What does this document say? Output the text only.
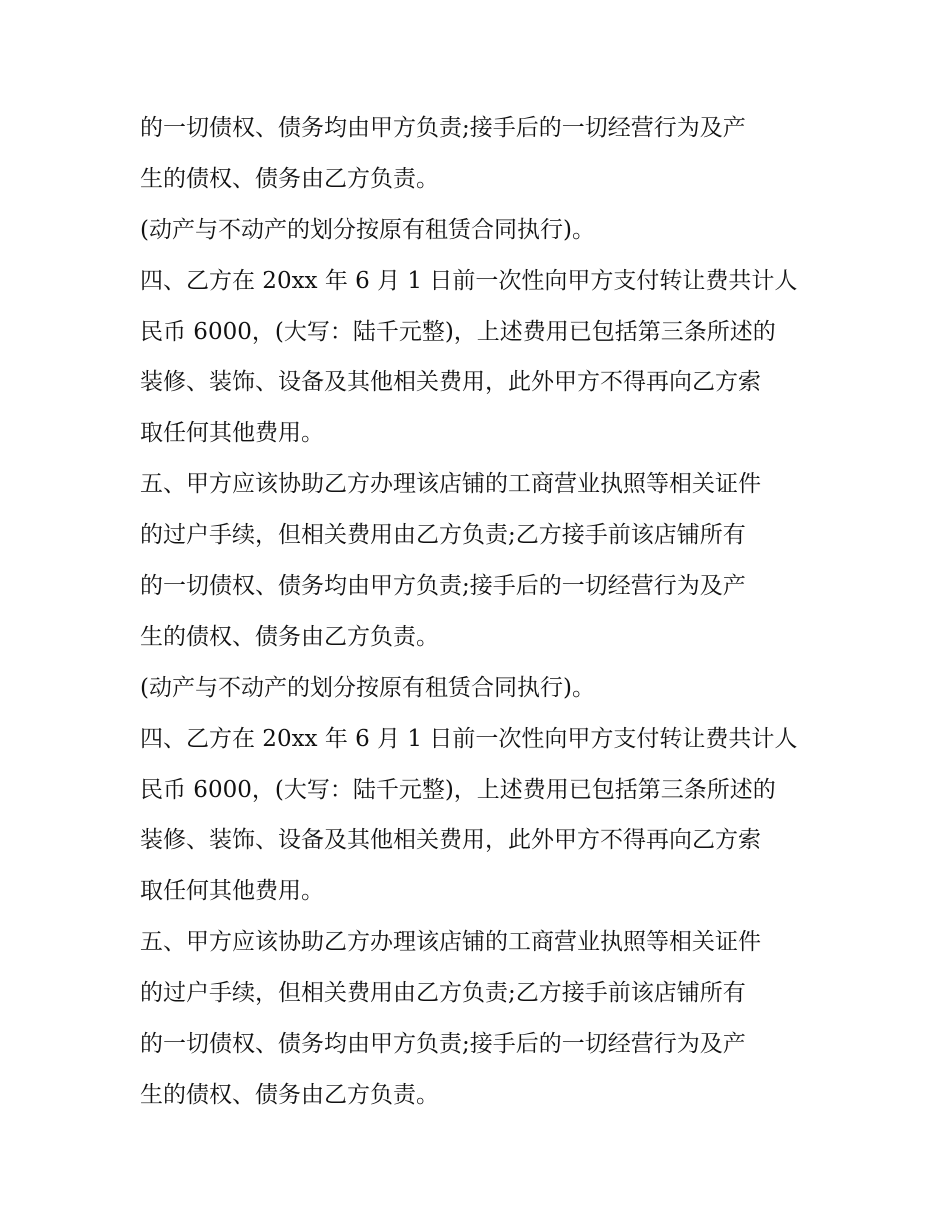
的一切债权、债务均由甲方负责;接手后的一切经营行为及产
生的债权、债务由乙方负责。
(动产与不动产的划分按原有租赁合同执行)。
四、乙方在 20xx 年 6 月 1 日前一次性向甲方支付转让费共计人
民币 6000，(大写：陆千元整)，上述费用已包括第三条所述的
装修、装饰、设备及其他相关费用，此外甲方不得再向乙方索
取任何其他费用。
五、甲方应该协助乙方办理该店铺的工商营业执照等相关证件
的过户手续，但相关费用由乙方负责;乙方接手前该店铺所有
的一切债权、债务均由甲方负责;接手后的一切经营行为及产
生的债权、债务由乙方负责。
(动产与不动产的划分按原有租赁合同执行)。
四、乙方在 20xx 年 6 月 1 日前一次性向甲方支付转让费共计人
民币 6000，(大写：陆千元整)，上述费用已包括第三条所述的
装修、装饰、设备及其他相关费用，此外甲方不得再向乙方索
取任何其他费用。
五、甲方应该协助乙方办理该店铺的工商营业执照等相关证件
的过户手续，但相关费用由乙方负责;乙方接手前该店铺所有
的一切债权、债务均由甲方负责;接手后的一切经营行为及产
生的债权、债务由乙方负责。
